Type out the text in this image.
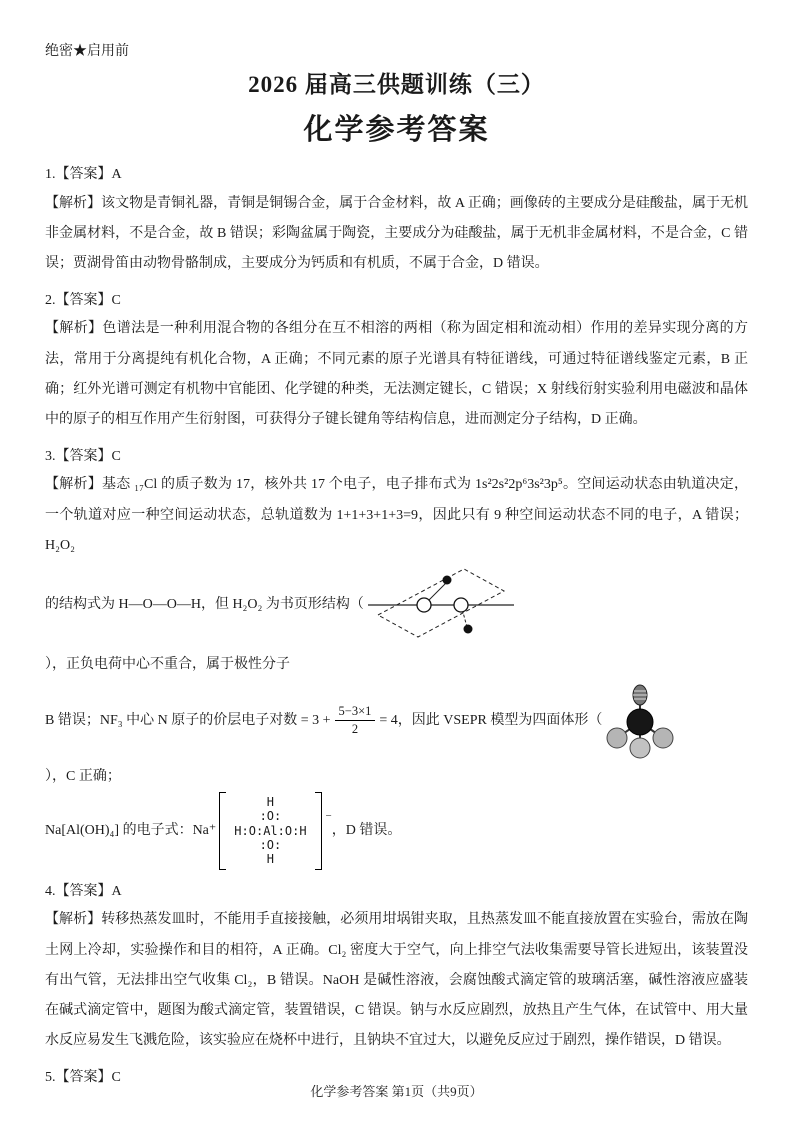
绝密★启用前
2026 届高三供题训练（三）
化学参考答案

1.【答案】A

【解析】该文物是青铜礼器，青铜是铜锡合金，属于合金材料，故 A 正确；画像砖的主要成分是硅酸盐，属于无机非金属材料，不是合金，故 B 错误；彩陶盆属于陶瓷，主要成分为硅酸盐，属于无机非金属材料，不是合金，C 错误；贾湖骨笛由动物骨骼制成，主要成分为钙质和有机质，不属于合金，D 错误。

2.【答案】C

【解析】色谱法是一种利用混合物的各组分在互不相溶的两相（称为固定相和流动相）作用的差异实现分离的方法，常用于分离提纯有机化合物，A 正确；不同元素的原子光谱具有特征谱线，可通过特征谱线鉴定元素，B 正确；红外光谱可测定有机物中官能团、化学键的种类，无法测定键长，C 错误；X 射线衍射实验利用电磁波和晶体中的原子的相互作用产生衍射图，可获得分子键长键角等结构信息，进而测定分子结构，D 正确。

3.【答案】C

【解析】基态 ₁₇Cl 的质子数为 17，核外共 17 个电子，电子排布式为 1s²2s²2p⁶3s²3p⁵。空间运动状态由轨道决定，一个轨道对应一种空间运动状态，总轨道数为 1+1+3+1+3=9，因此只有 9 种空间运动状态不同的电子，A 错误；H₂O₂

的结构式为 H—O—O—H，但 H₂O₂ 为书页形结构（
），正负电荷中心不重合，属于极性分子
B 错误；NF₃ 中心 N 原子的价层电子对数 = $3 + \frac{5-3\times 1}{2} = 4$，因此 VSEPR 模型为四面体形（
），C 正确；
Na[Al(OH)₄] 的电子式：Na⁺
H
:O:
H:O:Al:O:H
:O:
H
−
，D 错误。

4.【答案】A

【解析】转移热蒸发皿时，不能用手直接接触，必须用坩埚钳夹取，且热蒸发皿不能直接放置在实验台，需放在陶土网上冷却，实验操作和目的相符，A 正确。Cl₂ 密度大于空气，向上排空气法收集需要导管长进短出，该装置没有出气管，无法排出空气收集 Cl₂，B 错误。NaOH 是碱性溶液，会腐蚀酸式滴定管的玻璃活塞，碱性溶液应盛装在碱式滴定管中，题图为酸式滴定管，装置错误，C 错误。钠与水反应剧烈，放热且产生气体，在试管中、用大量水反应易发生飞溅危险，该实验应在烧杯中进行，且钠块不宜过大，以避免反应过于剧烈，操作错误，D 错误。

5.【答案】C

化学参考答案 第1页（共9页）
